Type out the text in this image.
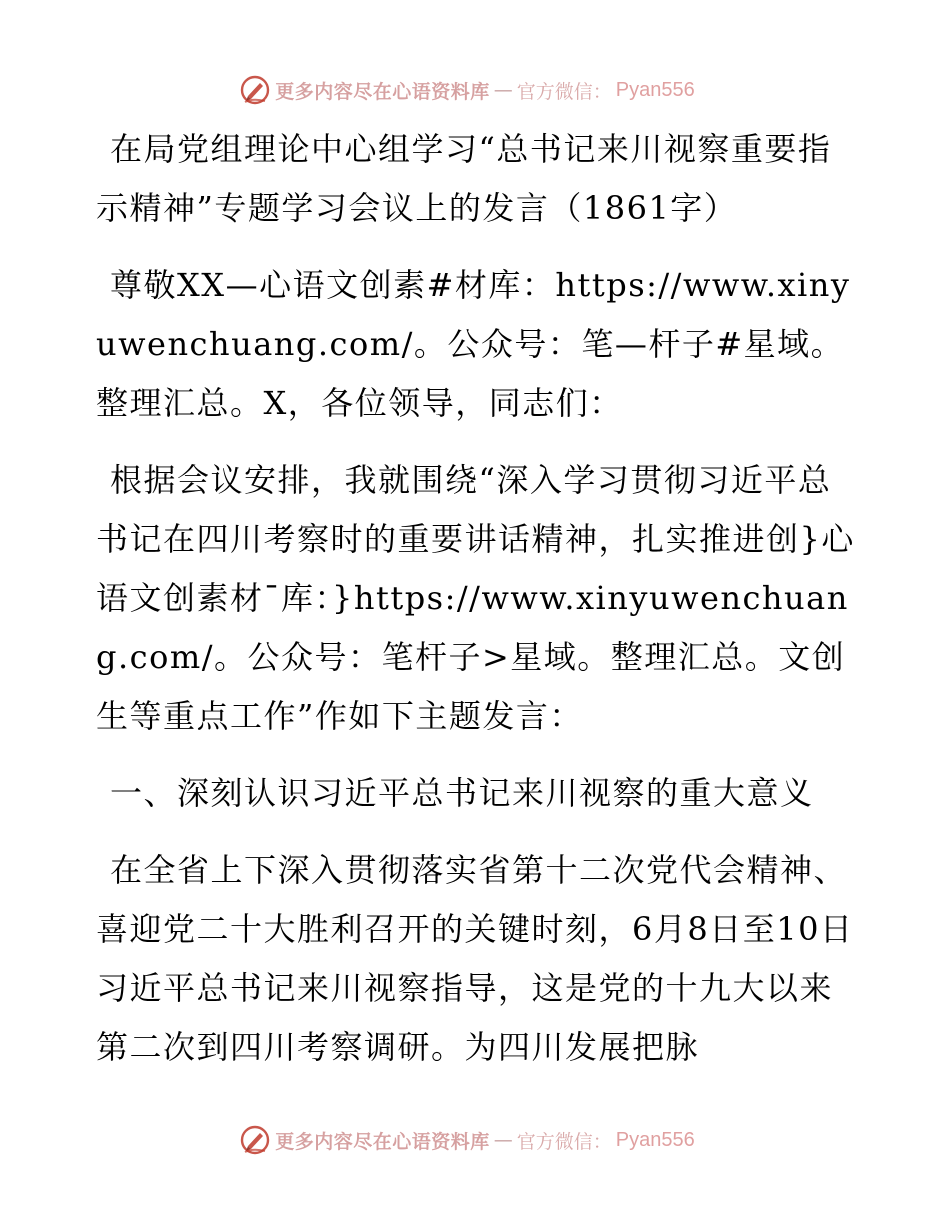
更多内容尽在心语资料库 — 官方微信： Pyan556

在局党组理论中心组学习“总书记来川视察重要指示精神”专题学习会议上的发言（1861字）

尊敬XX—心语文创素#材库：https://www.xinyuwenchuang.com/。公众号：笔—杆子#星域。整理汇总。X，各位领导，同志们：

根据会议安排，我就围绕“深入学习贯彻习近平总书记在四川考察时的重要讲话精神，扎实推进创}心语文创素材¯库：}https://www.xinyuwenchuang.com/。公众号：笔杆子>星域。整理汇总。文创生等重点工作”作如下主题发言：

一、深刻认识习近平总书记来川视察的重大意义

在全省上下深入贯彻落实省第十二次党代会精神、喜迎党二十大胜利召开的关键时刻，6月8日至10日习近平总书记来川视察指导，这是党的十九大以来第二次到四川考察调研。为四川发展把脉

更多内容尽在心语资料库 — 官方微信： Pyan556
